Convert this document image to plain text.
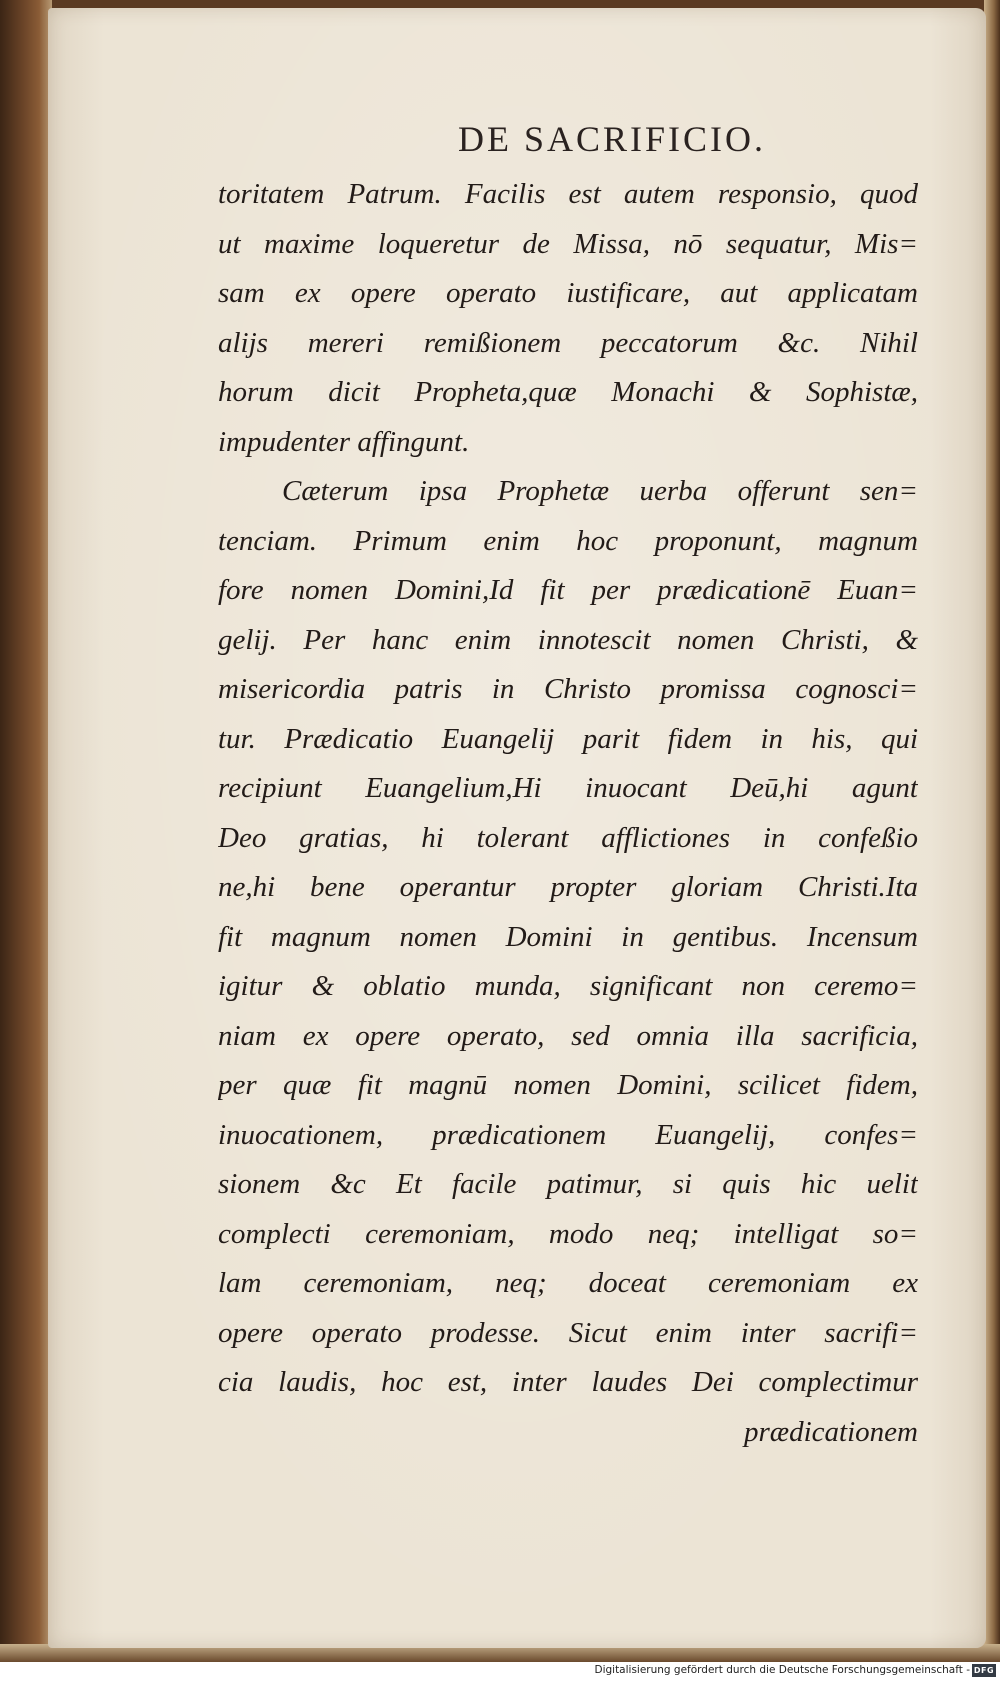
DE SACRIFICIO.
toritatem Patrum. Facilis est autem responsio, quod
ut maxime loqueretur de Missa, nō sequatur, Mis=
sam ex opere operato iustificare, aut applicatam
alijs mereri remißionem peccatorum &c. Nihil
horum dicit Propheta,quæ Monachi & Sophistæ,
impudenter affingunt.
Cæterum ipsa Prophetæ uerba offerunt sen=
tenciam. Primum enim hoc proponunt, magnum
fore nomen Domini,Id fit per prædicationē Euan=
gelij. Per hanc enim innotescit nomen Christi, &
misericordia patris in Christo promissa cognosci=
tur. Prædicatio Euangelij parit fidem in his, qui
recipiunt Euangelium,Hi inuocant Deū,hi agunt
Deo gratias, hi tolerant afflictiones in confeßio
ne,hi bene operantur propter gloriam Christi.Ita
fit magnum nomen Domini in gentibus. Incensum
igitur & oblatio munda, significant non ceremo=
niam ex opere operato, sed omnia illa sacrificia,
per quæ fit magnū nomen Domini, scilicet fidem,
inuocationem, prædicationem Euangelij, confes=
sionem &c Et facile patimur, si quis hic uelit
complecti ceremoniam, modo neq; intelligat so=
lam ceremoniam, neq; doceat ceremoniam ex
opere operato prodesse. Sicut enim inter sacrifi=
cia laudis, hoc est, inter laudes Dei complectimur
prædicationem
Digitalisierung gefördert durch die Deutsche Forschungsgemeinschaft - DFG
